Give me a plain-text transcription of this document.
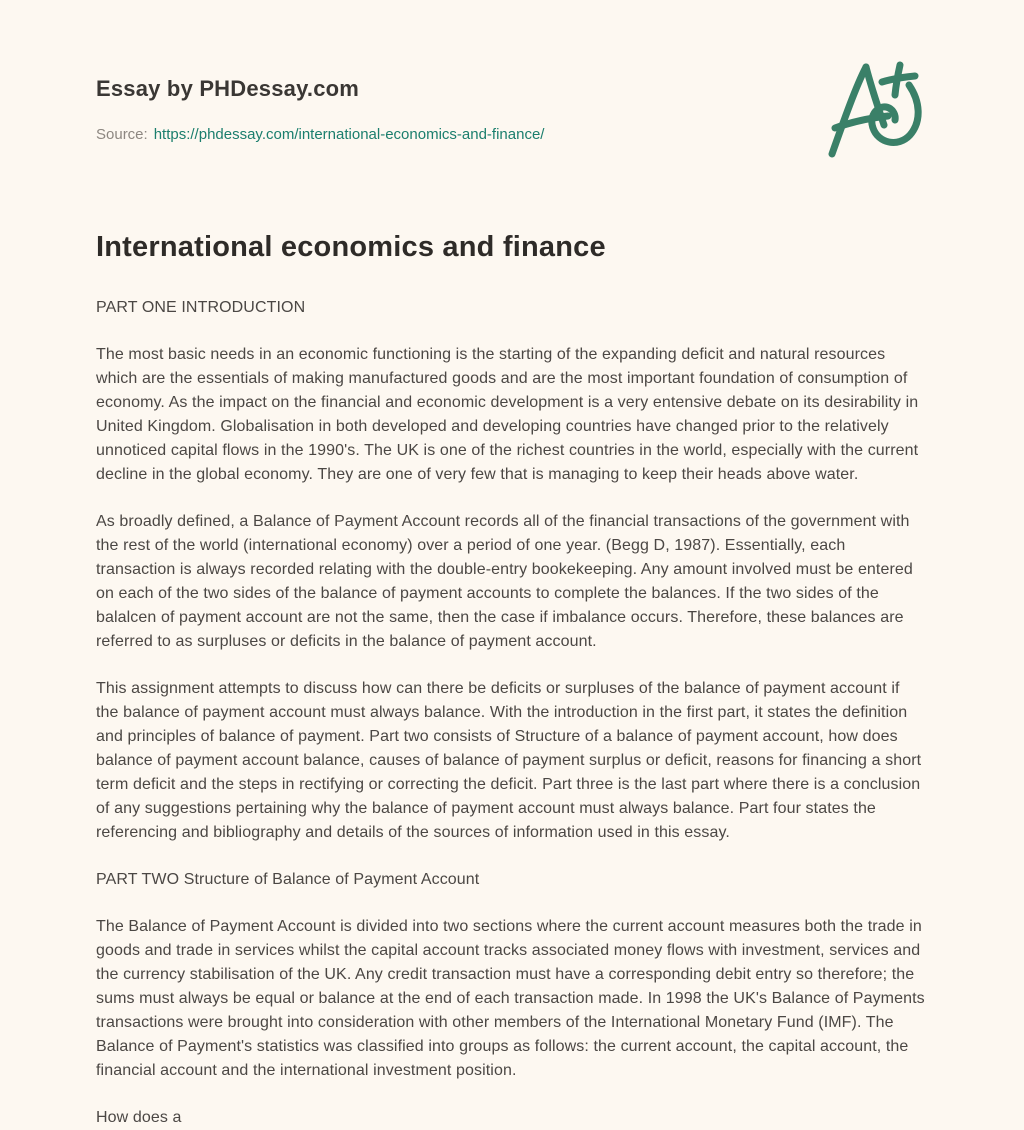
Essay by PHDessay.com

Source: https://phdessay.com/international-economics-and-finance/

International economics and finance

PART ONE INTRODUCTION

The most basic needs in an economic functioning is the starting of the expanding deficit and natural resources which are the essentials of making manufactured goods and are the most important foundation of consumption of economy. As the impact on the financial and economic development is a very entensive debate on its desirability in United Kingdom. Globalisation in both developed and developing countries have changed prior to the relatively unnoticed capital flows in the 1990's. The UK is one of the richest countries in the world, especially with the current decline in the global economy. They are one of very few that is managing to keep their heads above water.

As broadly defined, a Balance of Payment Account records all of the financial transactions of the government with the rest of the world (international economy) over a period of one year. (Begg D, 1987). Essentially, each transaction is always recorded relating with the double-entry bookekeeping. Any amount involved must be entered on each of the two sides of the balance of payment accounts to complete the balances. If the two sides of the balalcen of payment account are not the same, then the case if imbalance occurs. Therefore, these balances are referred to as surpluses or deficits in the balance of payment account.

This assignment attempts to discuss how can there be deficits or surpluses of the balance of payment account if the balance of payment account must always balance. With the introduction in the first part, it states the definition and principles of balance of payment. Part two consists of Structure of a balance of payment account, how does balance of payment account balance, causes of balance of payment surplus or deficit, reasons for financing a short term deficit and the steps in rectifying or correcting the deficit. Part three is the last part where there is a conclusion of any suggestions pertaining why the balance of payment account must always balance. Part four states the referencing and bibliography and details of the sources of information used in this essay.

PART TWO Structure of Balance of Payment Account

The Balance of Payment Account is divided into two sections where the current account measures both the trade in goods and trade in services whilst the capital account tracks associated money flows with investment, services and the currency stabilisation of the UK. Any credit transaction must have a corresponding debit entry so therefore; the sums must always be equal or balance at the end of each transaction made. In 1998 the UK's Balance of Payments transactions were brought into consideration with other members of the International Monetary Fund (IMF). The Balance of Payment's statistics was classified into groups as follows: the current account, the capital account, the financial account and the international investment position.

How does a
